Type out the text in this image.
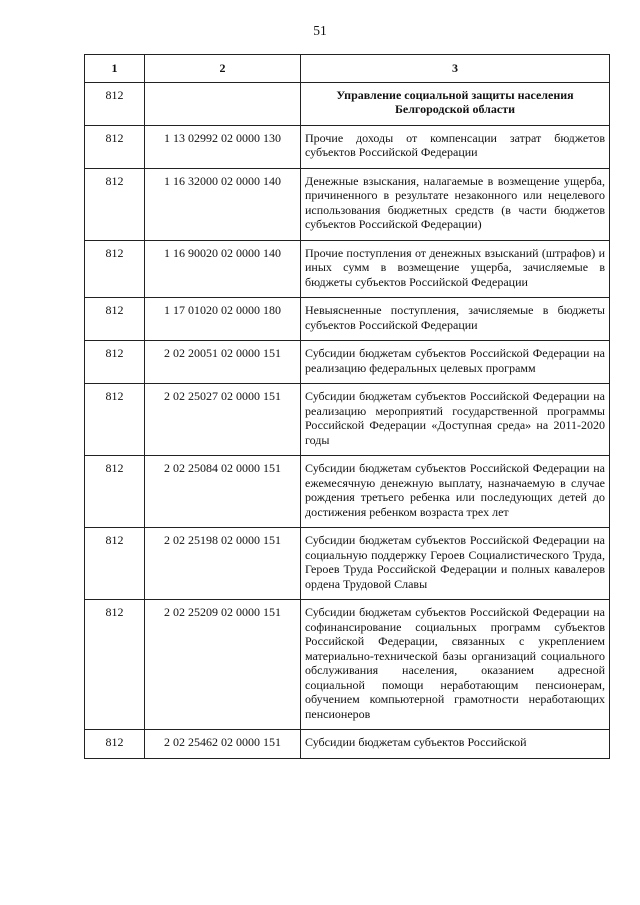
51
1	2	3
812		Управление социальной защиты населения Белгородской области
812	1 13 02992 02 0000 130	Прочие доходы от компенсации затрат бюджетов субъектов Российской Федерации
812	1 16 32000 02 0000 140	Денежные взыскания, налагаемые в возмещение ущерба, причиненного в результате незаконного или нецелевого использования бюджетных средств (в части бюджетов субъектов Российской Федерации)
812	1 16 90020 02 0000 140	Прочие поступления от денежных взысканий (штрафов) и иных сумм в возмещение ущерба, зачисляемые в бюджеты субъектов Российской Федерации
812	1 17 01020 02 0000 180	Невыясненные поступления, зачисляемые в бюджеты субъектов Российской Федерации
812	2 02 20051 02 0000 151	Субсидии бюджетам субъектов Российской Федерации на реализацию федеральных целевых программ
812	2 02 25027 02 0000 151	Субсидии бюджетам субъектов Российской Федерации на реализацию мероприятий государственной программы Российской Федерации «Доступная среда» на 2011-2020 годы
812	2 02 25084 02 0000 151	Субсидии бюджетам субъектов Российской Федерации на ежемесячную денежную выплату, назначаемую в случае рождения третьего ребенка или последующих детей до достижения ребенком возраста трех лет
812	2 02 25198 02 0000 151	Субсидии бюджетам субъектов Российской Федерации на социальную поддержку Героев Социалистического Труда, Героев Труда Российской Федерации и полных кавалеров ордена Трудовой Славы
812	2 02 25209 02 0000 151	Субсидии бюджетам субъектов Российской Федерации на софинансирование социальных программ субъектов Российской Федерации, связанных с укреплением материально-технической базы организаций социального обслуживания населения, оказанием адресной социальной помощи неработающим пенсионерам, обучением компьютерной грамотности неработающих пенсионеров
812	2 02 25462 02 0000 151	Субсидии бюджетам субъектов Российской
